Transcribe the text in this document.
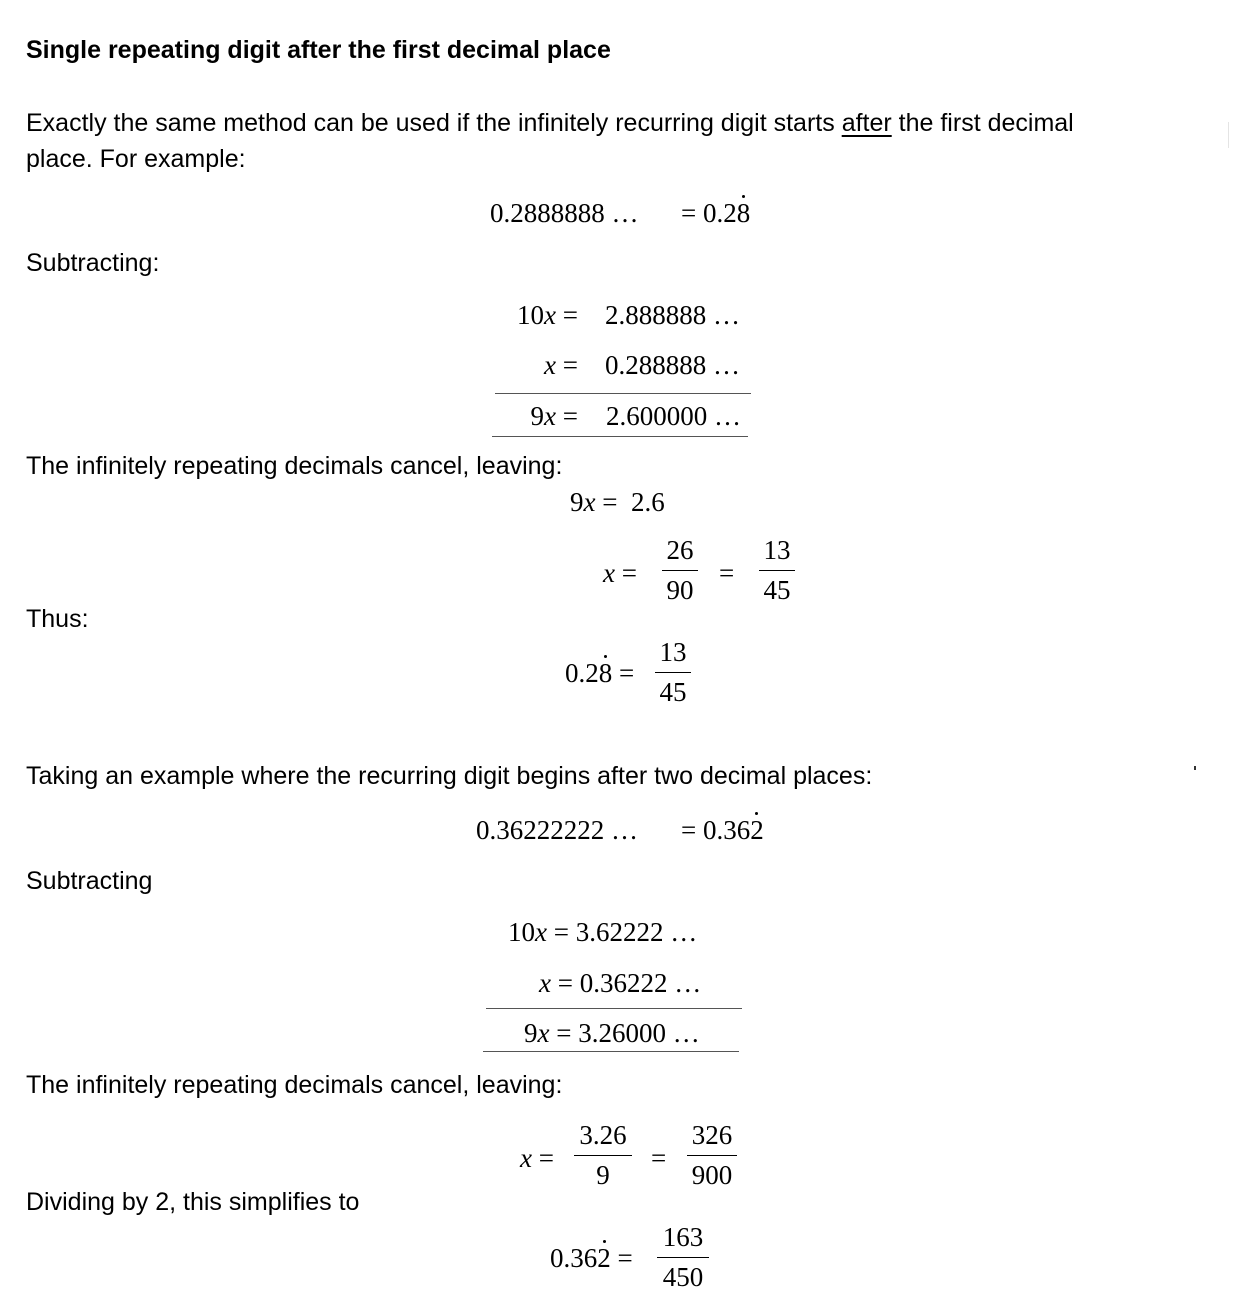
Single repeating digit after the first decimal place
Exactly the same method can be used if the infinitely recurring digit starts after the first decimal
place. For example:
0.2888888 … = 0.28
Subtracting:
10x = 2.888888 …
x = 0.288888 …
9x = 2.600000 …
The infinitely repeating decimals cancel, leaving:
9x = 2.6
x =
26
90
=
13
45
Thus:
0.28 =
13
45
Taking an example where the recurring digit begins after two decimal places:
0.36222222 … = 0.362
Subtracting
10x = 3.62222 …
x = 0.36222 …
9x = 3.26000 …
The infinitely repeating decimals cancel, leaving:
x =
3.26
9
=
326
900
Dividing by 2, this simplifies to
0.362 =
163
450
